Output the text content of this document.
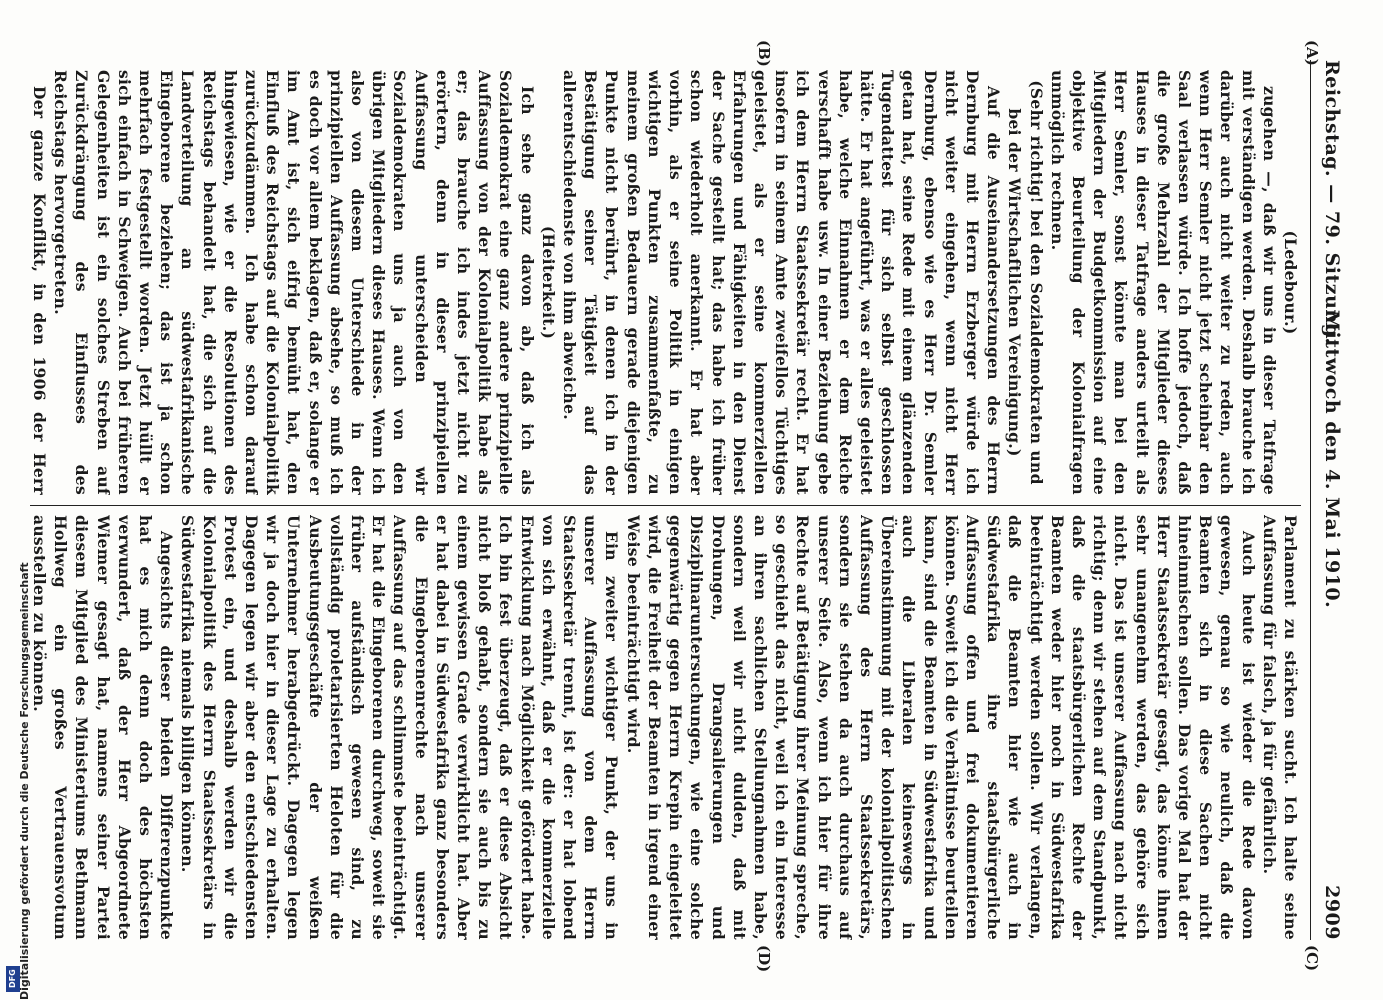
Reichstag. — 79. Sitzung.
Mittwoch den 4. Mai 1910.
2909
(A)
(B)
(C)
(D)

(Ledebour.)

zugehen —, daß wir uns in dieser Tatfrage mit verständigen werden. Deshalb brauche ich darüber auch nicht weiter zu reden, auch wenn Herr Semler nicht jetzt scheinbar den Saal verlassen würde. Ich hoffe jedoch, daß die große Mehrzahl der Mitglieder dieses Hauses in dieser Tatfrage anders urteilt als Herr Semler, sonst könnte man bei den Mitgliedern der Budgetkommission auf eine objektive Beurteilung der Kolonialfragen unmöglich rechnen.

(Sehr richtig! bei den Sozialdemokraten und bei der Wirtschaftlichen Vereinigung.)

Auf die Auseinandersetzungen des Herrn Dernburg mit Herrn Erzberger würde ich nicht weiter eingehen, wenn nicht Herr Dernburg, ebenso wie es Herr Dr. Semler getan hat, seine Rede mit einem glänzenden Tugendattest für sich selbst geschlossen hätte. Er hat angeführt, was er alles geleistet habe, welche Einnahmen er dem Reiche verschafft habe usw. In einer Beziehung gebe ich dem Herrn Staatssekretär recht. Er hat insofern in seinem Amte zweifellos Tüchtiges geleistet, als er seine kommerziellen Erfahrungen und Fähigkeiten in den Dienst der Sache gestellt hat; das habe ich früher schon wiederholt anerkannt. Er hat aber vorhin, als er seine Politik in einigen wichtigen Punkten zusammenfaßte, zu meinem großen Bedauern gerade diejenigen Punkte nicht berührt, in denen ich in der Bestätigung seiner Tätigkeit auf das allerentschiedenste von ihm abweiche.

(Heiterkeit.)

Ich sehe ganz davon ab, daß ich als Sozialdemokrat eine ganz andere prinzipielle Auffassung von der Kolonialpolitik habe als er; das brauche ich indes jetzt nicht zu erörtern, denn in dieser prinzipiellen Auffassung unterscheiden wir Sozialdemokraten uns ja auch von den übrigen Mitgliedern dieses Hauses. Wenn ich also von diesem Unterschiede in der prinzipiellen Auffassung absehe, so muß ich es doch vor allem beklagen, daß er, solange er im Amt ist, sich eifrig bemüht hat, den Einfluß des Reichstags auf die Kolonialpolitik zurückzudämmen. Ich habe schon darauf hingewiesen, wie er die Resolutionen des Reichstags behandelt hat, die sich auf die Landverteilung an südwestafrikanische Eingeborene beziehen; das ist ja schon mehrfach festgestellt worden. Jetzt hüllt er sich einfach in Schweigen. Auch bei früheren Gelegenheiten ist ein solches Streben auf Zurückdrängung des Einflusses des Reichstags hervorgetreten.

Der ganze Konflikt, in den 1906 der Herr

Parlament zu stärken sucht. Ich halte seine Auffassung für falsch, ja für gefährlich.

Auch heute ist wieder die Rede davon gewesen, genau so wie neulich, daß die Beamten sich in diese Sachen nicht hineinmischen sollen. Das vorige Mal hat der Herr Staatssekretär gesagt, das könne ihnen sehr unangenehm werden, das gehöre sich nicht. Das ist unserer Auffassung nach nicht richtig; denn wir stehen auf dem Standpunkt, daß die staatsbürgerlichen Rechte der Beamten weder hier noch in Südwestafrika beeinträchtigt werden sollen. Wir verlangen, daß die Beamten hier wie auch in Südwestafrika ihre staatsbürgerliche Auffassung offen und frei dokumentieren können. Soweit ich die Verhältnisse beurteilen kann, sind die Beamten in Südwestafrika und auch die Liberalen keineswegs in Übereinstimmung mit der kolonialpolitischen Auffassung des Herrn Staatssekretärs, sondern sie stehen da auch durchaus auf unserer Seite. Also, wenn ich hier für ihre Rechte auf Betätigung ihrer Meinung spreche, so geschieht das nicht, weil ich ein Interesse an ihren sachlichen Stellungnahmen habe, sondern weil wir nicht dulden, daß mit Drohungen, Drangsalierungen und Disziplinaruntersuchungen, wie eine solche gegenwärtig gegen Herrn Krepin eingeleitet wird, die Freiheit der Beamten in irgend einer Weise beeinträchtigt wird.

Ein zweiter wichtiger Punkt, der uns in unserer Auffassung von dem Herrn Staatssekretär trennt, ist der: er hat lobend von sich erwähnt, daß er die kommerzielle Entwicklung nach Möglichkeit gefördert habe. Ich bin fest überzeugt, daß er diese Absicht nicht bloß gehabt, sondern sie auch bis zu einem gewissen Grade verwirklicht hat. Aber er hat dabei in Südwestafrika ganz besonders die Eingeborenenrechte nach unserer Auffassung auf das schlimmste beeinträchtigt. Er hat die Eingeborenen durchweg, soweit sie früher aufständisch gewesen sind, zu vollständig proletarisierten Heloten für die Ausbeutungsgeschäfte der weißen Unternehmer herabgedrückt. Dagegen legen wir ja doch hier in dieser Lage zu erhalten. Dagegen legen wir aber den entschiedensten Protest ein, und deshalb werden wir die Kolonialpolitik des Herrn Staatssekretärs in Südwestafrika niemals billigen können.

Angesichts dieser beiden Differenzpunkte hat es mich denn doch des höchsten verwundert, daß der Herr Abgeordnete Wiemer gesagt hat, namens seiner Partei diesem Mitglied des Ministeriums Bethmann Hollweg ein großes Vertrauensvotum ausstellen zu können.

DFG Digitalisierung gefördert durch die Deutsche Forschungsgemeinschaft
